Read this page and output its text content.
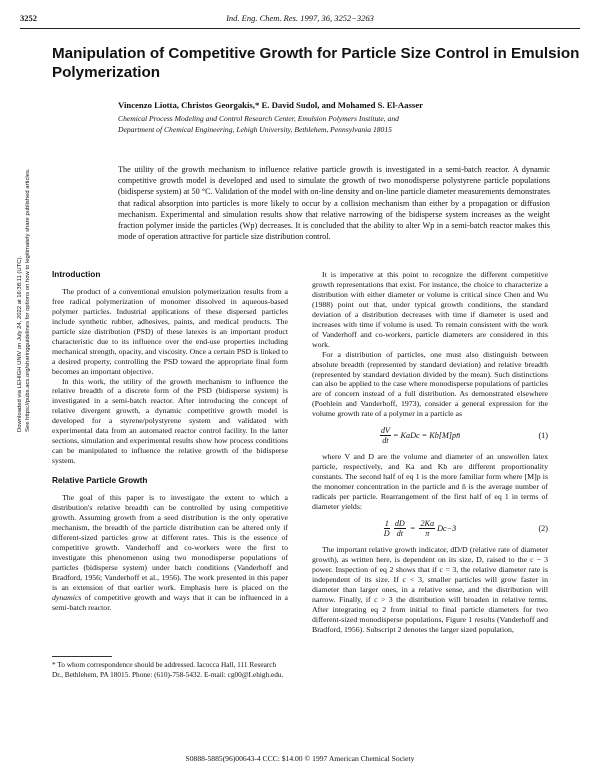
3252	Ind. Eng. Chem. Res. 1997, 36, 3252−3263
Manipulation of Competitive Growth for Particle Size Control in Emulsion Polymerization
Vincenzo Liotta, Christos Georgakis,* E. David Sudol, and Mohamed S. El-Aasser
Chemical Process Modeling and Control Research Center, Emulsion Polymers Institute, and
Department of Chemical Engineering, Lehigh University, Bethlehem, Pennsylvania 18015
The utility of the growth mechanism to influence relative particle growth is investigated in a semi-batch reactor. A dynamic competitive growth model is developed and used to simulate the growth of two monodisperse polystyrene particle populations (bidisperse system) at 50 °C. Validation of the model with on-line density and on-line particle diameter measurements demonstrates that radical absorption into particles is more likely to occur by a collision mechanism than either by a propagation or diffusion mechanism. Experimental and simulation results show that relative narrowing of the bidisperse system increases as the weight fraction polymer inside the particles (Wp) decreases. It is concluded that the ability to alter Wp in a semi-batch reactor makes this mode of operation attractive for particle size distribution control.
Downloaded via LEHIGH UNIV on July 24, 2022 at 16:38:11 (UTC). See https://pubs.acs.org/sharingguidelines for options on how to legitimately share published articles.	Introduction

The product of a conventional emulsion polymerization results from a free radical polymerization of monomer dissolved in aqueous-based polymer particles. Industrial applications of these dispersed particles include synthetic rubber, adhesives, paints, and medical products. The particle size distribution (PSD) of these latexes is an important product characteristic due to its influence over the end-use properties including mechanical strength, opacity, and viscosity. Once a certain PSD is linked to a desired property, controlling the PSD toward the appropriate final form becomes an important objective.

In this work, the utility of the growth mechanism to influence the relative breadth of a discrete form of the PSD (bidisperse system) is investigated in a semi-batch reactor. After introducing the concept of relative divergent growth, a dynamic competitive growth model is developed for a styrene/polystyrene system and validated with experimental data from an automated reactor control facility. In the latter sections, simulation and experimental results show how process conditions can be manipulated to influence the relative growth of the bidisperse system.

Relative Particle Growth

The goal of this paper is to investigate the extent to which a distribution's relative breadth can be controlled by using competitive growth. Assuming growth from a seed distribution is the only operative mechanism, the breadth of the particle distribution can be altered only if different-sized particles grow at different rates. This is the essence of competitive growth. Vanderhoff and co-workers were the first to investigate this phenomenon using two monodisperse populations of particles (bidisperse system) under batch conditions (Vanderhoff and Bradford, 1956; Vanderhoff et al., 1956). The work presented in this paper is an extension of that earlier work. Emphasis here is placed on the dynamics of competitive growth and ways that it can be influenced in a semi-batch reactor.

It is imperative at this point to recognize the different competitive growth representations that exist. For instance, the choice to characterize a distribution with either diameter or volume is critical since Chen and Wu (1988) point out that, under typical growth conditions, the standard deviation of a distribution decreases with time if diameter is used and increases with time if volume is used. To remain consistent with the work of Vanderhoff and co-workers, particle diameters are considered in this work.

For a distribution of particles, one must also distinguish between absolute breadth (represented by standard deviation) and relative breadth (represented by standard deviation divided by the mean). Such distinctions can also be applied to the case where monodisperse populations of particles are of concern instead of a full distribution. As demonstrated elsewhere (Poehlein and Vanderhoff, 1973), consider a general expression for the volume growth rate of a polymer in a particle as

$\frac{dV}{dt}$ = KaDc = Kb[M]pn̄	(1)

where V and D are the volume and diameter of an unswollen latex particle, respectively, and Ka and Kb are different proportionality constants. The second half of eq 1 is the more familiar form where [M]p is the monomer concentration in the particle and n̄ is the average number of radicals per particle. Rearrangement of the first half of eq 1 in terms of diameter yields:

$\frac{1}{D} \frac{dD}{dt} = \frac{2Ka}{\pi} Dc-3$	(2)

The important relative growth indicator, dD/D (relative rate of diameter growth), as written here, is dependent on its size, D, raised to the c − 3 power. Inspection of eq 2 shows that if c = 3, the relative diameter rate is independent of its size. If c < 3, smaller particles will grow faster in diameter than larger ones, in a relative sense, and the distribution will narrow. Finally, if c > 3 the distribution will broaden in relative terms. After integrating eq 2 from initial to final particle diameters for two different-sized monodisperse populations, Figure 1 results (Vanderhoff and Bradford, 1956). Subscript 2 denotes the larger sized population,

* To whom correspondence should be addressed. Iacocca Hall, 111 Research Dr., Bethlehem, PA 18015. Phone: (610)-758-5432. E-mail: cg00@Lehigh.edu.
S0888-5885(96)00643-4 CCC: $14.00 © 1997 American Chemical Society
